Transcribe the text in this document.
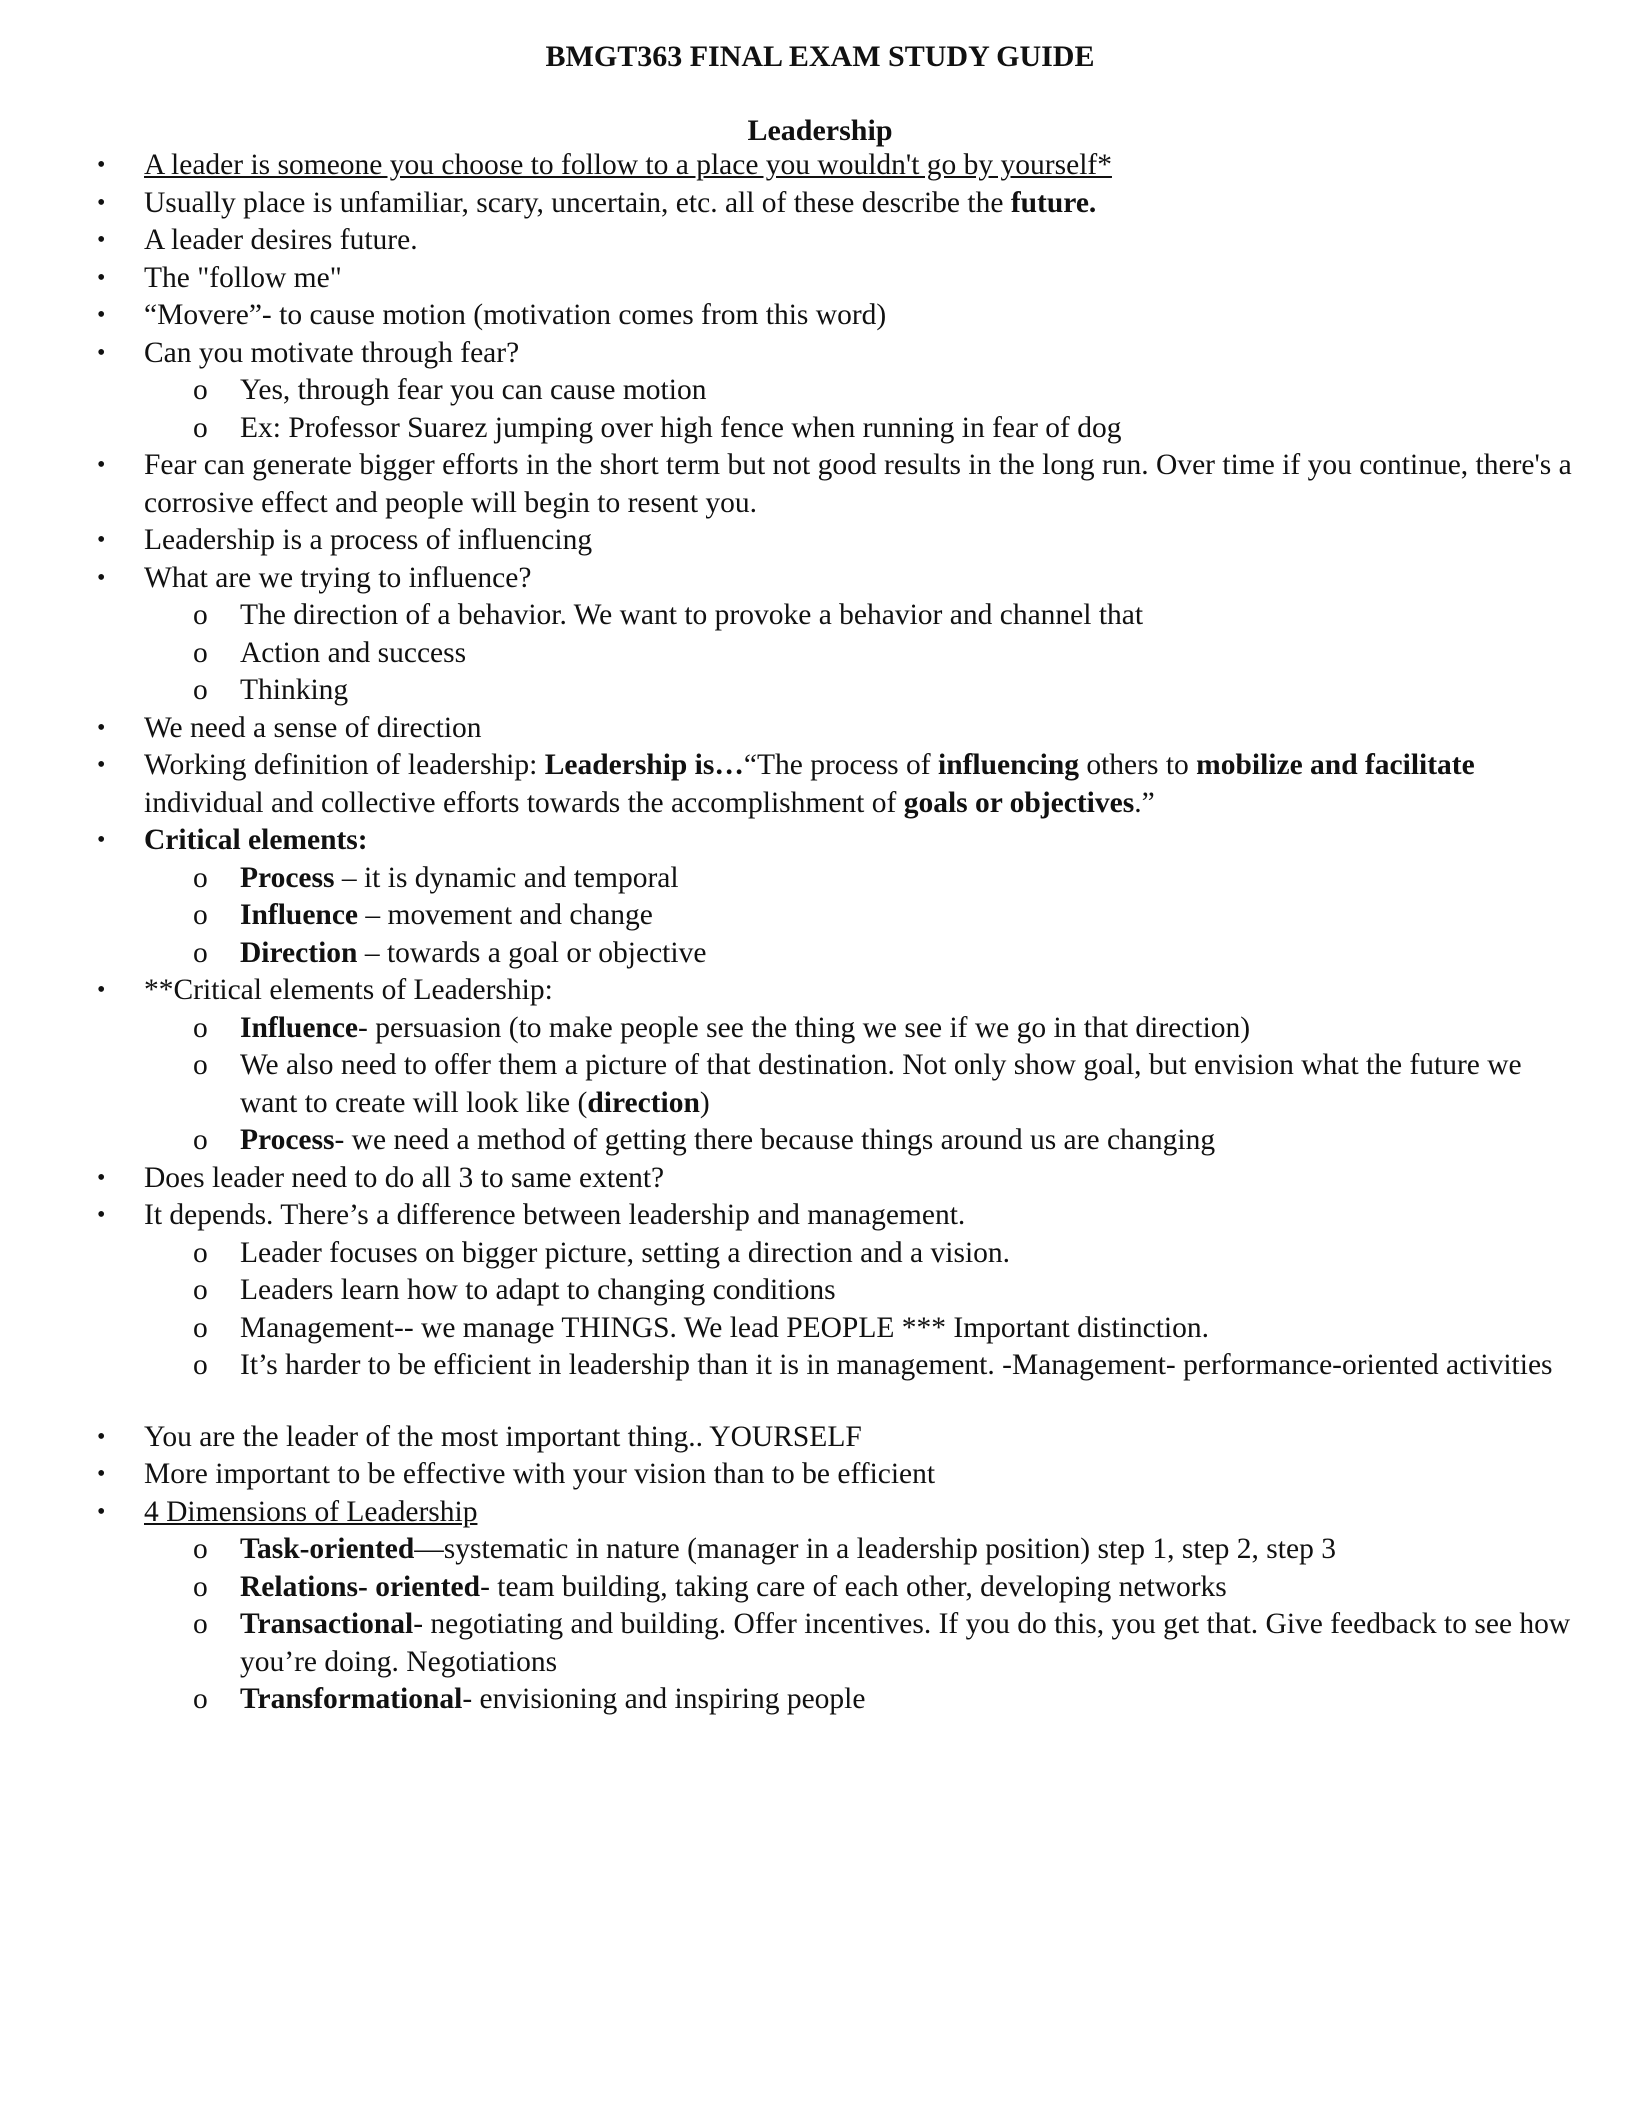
BMGT363 FINAL EXAM STUDY GUIDE
Leadership
• A leader is someone you choose to follow to a place you wouldn't go by yourself*
• Usually place is unfamiliar, scary, uncertain, etc. all of these describe the future.
• A leader desires future.
• The "follow me"
• “Movere”- to cause motion (motivation comes from this word)
• Can you motivate through fear?
o Yes, through fear you can cause motion
o Ex: Professor Suarez jumping over high fence when running in fear of dog
• Fear can generate bigger efforts in the short term but not good results in the long run. Over time if you continue, there's a corrosive effect and people will begin to resent you.
• Leadership is a process of influencing
• What are we trying to influence?
o The direction of a behavior. We want to provoke a behavior and channel that
o Action and success
o Thinking
• We need a sense of direction
• Working definition of leadership: Leadership is…“The process of influencing others to mobilize and facilitate individual and collective efforts towards the accomplishment of goals or objectives.”
• Critical elements:
o Process – it is dynamic and temporal
o Influence – movement and change
o Direction – towards a goal or objective
• **Critical elements of Leadership:
o Influence- persuasion (to make people see the thing we see if we go in that direction)
o We also need to offer them a picture of that destination. Not only show goal, but envision what the future we want to create will look like (direction)
o Process- we need a method of getting there because things around us are changing
• Does leader need to do all 3 to same extent?
• It depends. There’s a difference between leadership and management.
o Leader focuses on bigger picture, setting a direction and a vision.
o Leaders learn how to adapt to changing conditions
o Management-- we manage THINGS. We lead PEOPLE *** Important distinction.
o It’s harder to be efficient in leadership than it is in management. -Management- performance-oriented activities
• You are the leader of the most important thing.. YOURSELF
• More important to be effective with your vision than to be efficient
• 4 Dimensions of Leadership
o Task-oriented—systematic in nature (manager in a leadership position) step 1, step 2, step 3
o Relations- oriented- team building, taking care of each other, developing networks
o Transactional- negotiating and building. Offer incentives. If you do this, you get that. Give feedback to see how you’re doing. Negotiations
o Transformational- envisioning and inspiring people
